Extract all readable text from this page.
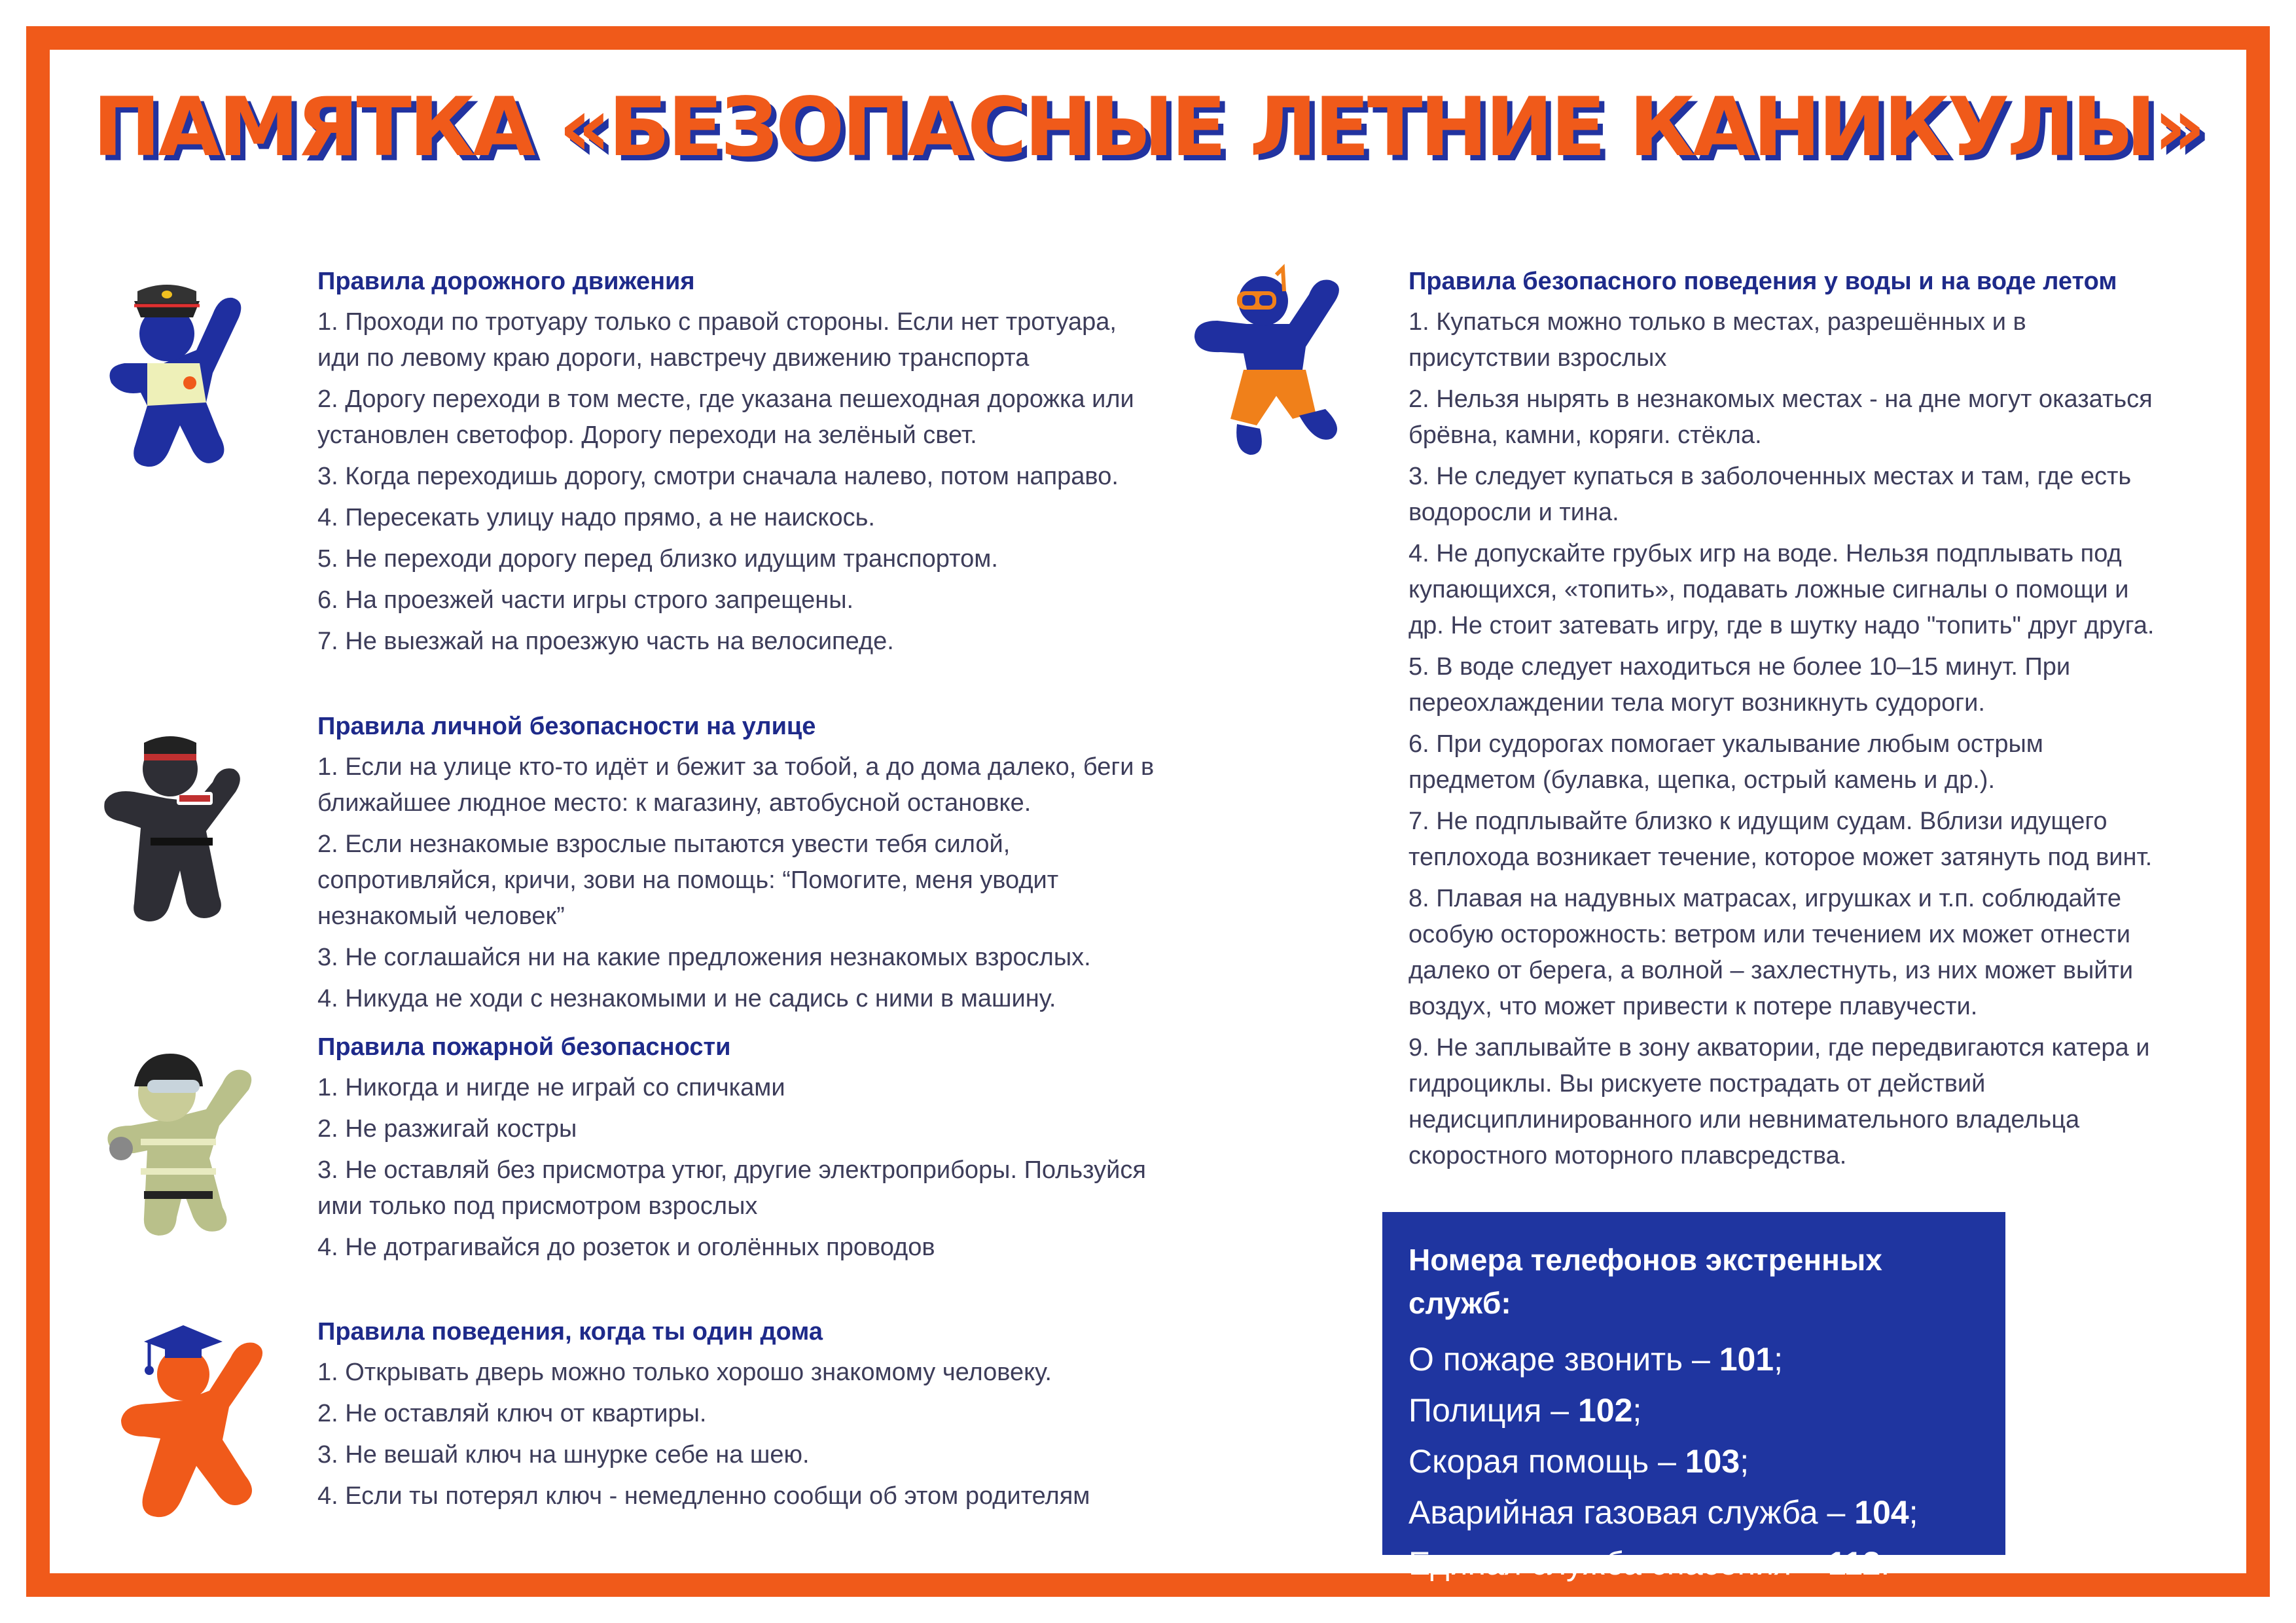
ПАМЯТКА «БЕЗОПАСНЫЕ ЛЕТНИЕ КАНИКУЛЫ»
Правила дорожного движения
1. Проходи по тротуару только с правой стороны. Если нет тротуара, иди по левому краю дороги, навстречу движению транспорта
2. Дорогу переходи в том месте, где указана пешеходная дорожка или установлен светофор. Дорогу переходи на зелёный свет.
3. Когда переходишь дорогу, смотри сначала налево, потом направо.
4. Пересекать улицу надо прямо, а не наискось.
5. Не переходи дорогу перед близко идущим транспортом.
6. На проезжей части игры строго запрещены.
7. Не выезжай на проезжую часть на велосипеде.
Правила личной безопасности на улице
1. Если на улице кто-то идёт и бежит за тобой, а до дома далеко, беги в ближайшее людное место: к магазину, автобусной остановке.
2. Если незнакомые взрослые пытаются увести тебя силой, сопротивляйся, кричи, зови на помощь: “Помогите, меня уводит незнакомый человек”
3. Не соглашайся ни на какие предложения незнакомых взрослых.
4. Никуда не ходи с незнакомыми и не садись с ними в машину.
Правила пожарной безопасности
1. Никогда и нигде не играй со спичками
2. Не разжигай костры
3. Не оставляй без присмотра утюг, другие электроприборы. Пользуйся ими только под присмотром взрослых
4. Не дотрагивайся до розеток и оголённых проводов
Правила поведения, когда ты один дома
1. Открывать дверь можно только хорошо знакомому человеку.
2. Не оставляй ключ от квартиры.
3. Не вешай ключ на шнурке себе на шею.
4. Если ты потерял ключ - немедленно сообщи об этом родителям
Правила безопасного поведения у воды и на воде летом
1. Купаться можно только в местах, разрешённых и в присутствии взрослых
2. Нельзя нырять в незнакомых местах - на дне могут оказаться брёвна, камни, коряги. стёкла.
3. Не следует купаться в заболоченных местах и там, где есть водоросли и тина.
4. Не допускайте грубых игр на воде. Нельзя подплывать под купающихся, «топить», подавать ложные сигналы о помощи и др. Не стоит затевать игру, где в шутку надо "топить" друг друга.
5. В воде следует находиться не более 10–15 минут. При переохлаждении тела могут возникнуть судороги.
6. При судорогах помогает укалывание любым острым предметом (булавка, щепка, острый камень и др.).
7. Не подплывайте близко к идущим судам. Вблизи идущего теплохода возникает течение, которое может затянуть под винт.
8. Плавая на надувных матрасах, игрушках и т.п. соблюдайте особую осторожность: ветром или течением их может отнести далеко от берега, а волной – захлестнуть, из них может выйти воздух, что может привести к потере плавучести.
9. Не заплывайте в зону акватории, где передвигаются катера и гидроциклы. Вы рискуете пострадать от действий недисциплинированного или невнимательного владельца скоростного моторного плавсредства.
Номера телефонов экстренных служб:
О пожаре звонить – 101;
Полиция – 102;
Скорая помощь – 103;
Аварийная газовая служба – 104;
Единая служба спасения – 112.
